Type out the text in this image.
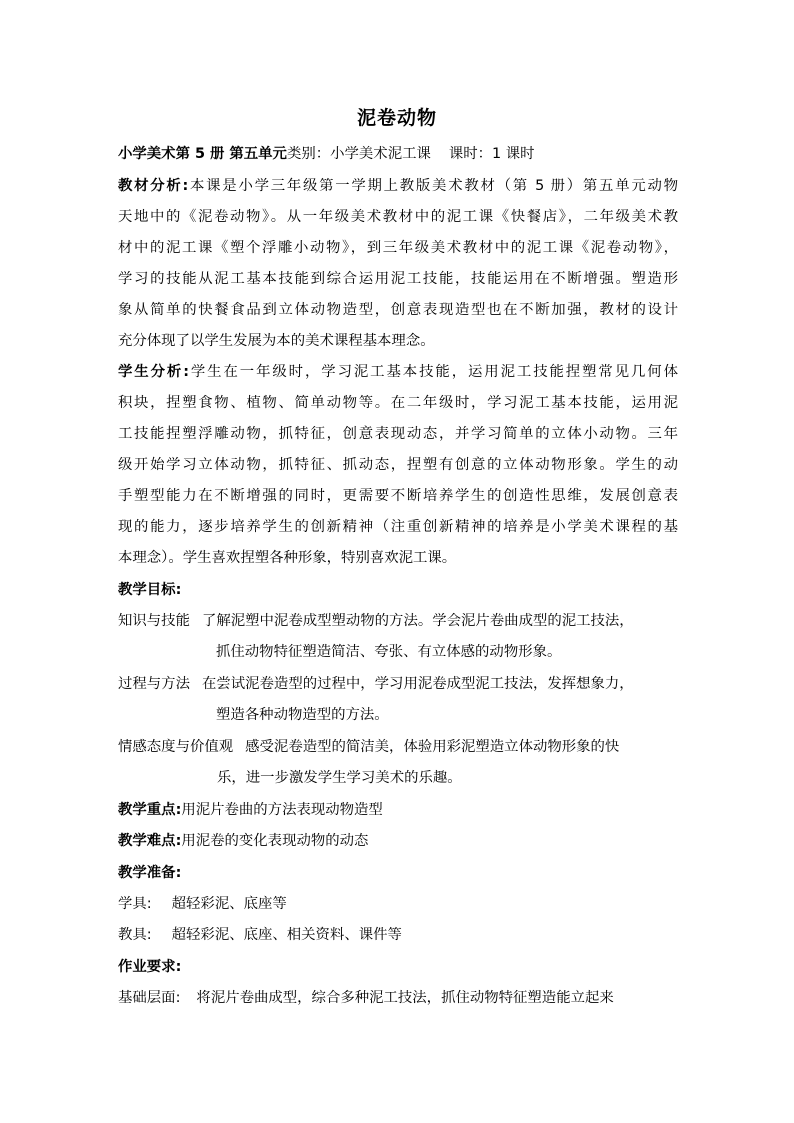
泥卷动物
小学美术第 5 册 第五单元类别：小学美术泥工课 课时：1 课时
教材分析:本课是小学三年级第一学期上教版美术教材（第 5 册）第五单元动物
天地中的《泥卷动物》。从一年级美术教材中的泥工课《快餐店》，二年级美术教
材中的泥工课《塑个浮雕小动物》，到三年级美术教材中的泥工课《泥卷动物》，
学习的技能从泥工基本技能到综合运用泥工技能，技能运用在不断增强。塑造形
象从简单的快餐食品到立体动物造型，创意表现造型也在不断加强，教材的设计
充分体现了以学生发展为本的美术课程基本理念。
学生分析:学生在一年级时，学习泥工基本技能，运用泥工技能捏塑常见几何体
积块，捏塑食物、植物、简单动物等。在二年级时，学习泥工基本技能，运用泥
工技能捏塑浮雕动物，抓特征，创意表现动态，并学习简单的立体小动物。三年
级开始学习立体动物，抓特征、抓动态，捏塑有创意的立体动物形象。学生的动
手塑型能力在不断增强的同时，更需要不断培养学生的创造性思维，发展创意表
现的能力，逐步培养学生的创新精神（注重创新精神的培养是小学美术课程的基
本理念）。学生喜欢捏塑各种形象，特别喜欢泥工课。
教学目标:
知识与技能 了解泥塑中泥卷成型塑动物的方法。学会泥片卷曲成型的泥工技法，
抓住动物特征塑造简洁、夸张、有立体感的动物形象。
过程与方法 在尝试泥卷造型的过程中，学习用泥卷成型泥工技法，发挥想象力，
塑造各种动物造型的方法。
情感态度与价值观 感受泥卷造型的简洁美，体验用彩泥塑造立体动物形象的快
乐，进一步激发学生学习美术的乐趣。
教学重点:用泥片卷曲的方法表现动物造型
教学难点:用泥卷的变化表现动物的动态
教学准备:
学具: 超轻彩泥、底座等
教具: 超轻彩泥、底座、相关资料、课件等
作业要求:
基础层面: 将泥片卷曲成型，综合多种泥工技法，抓住动物特征塑造能立起来
